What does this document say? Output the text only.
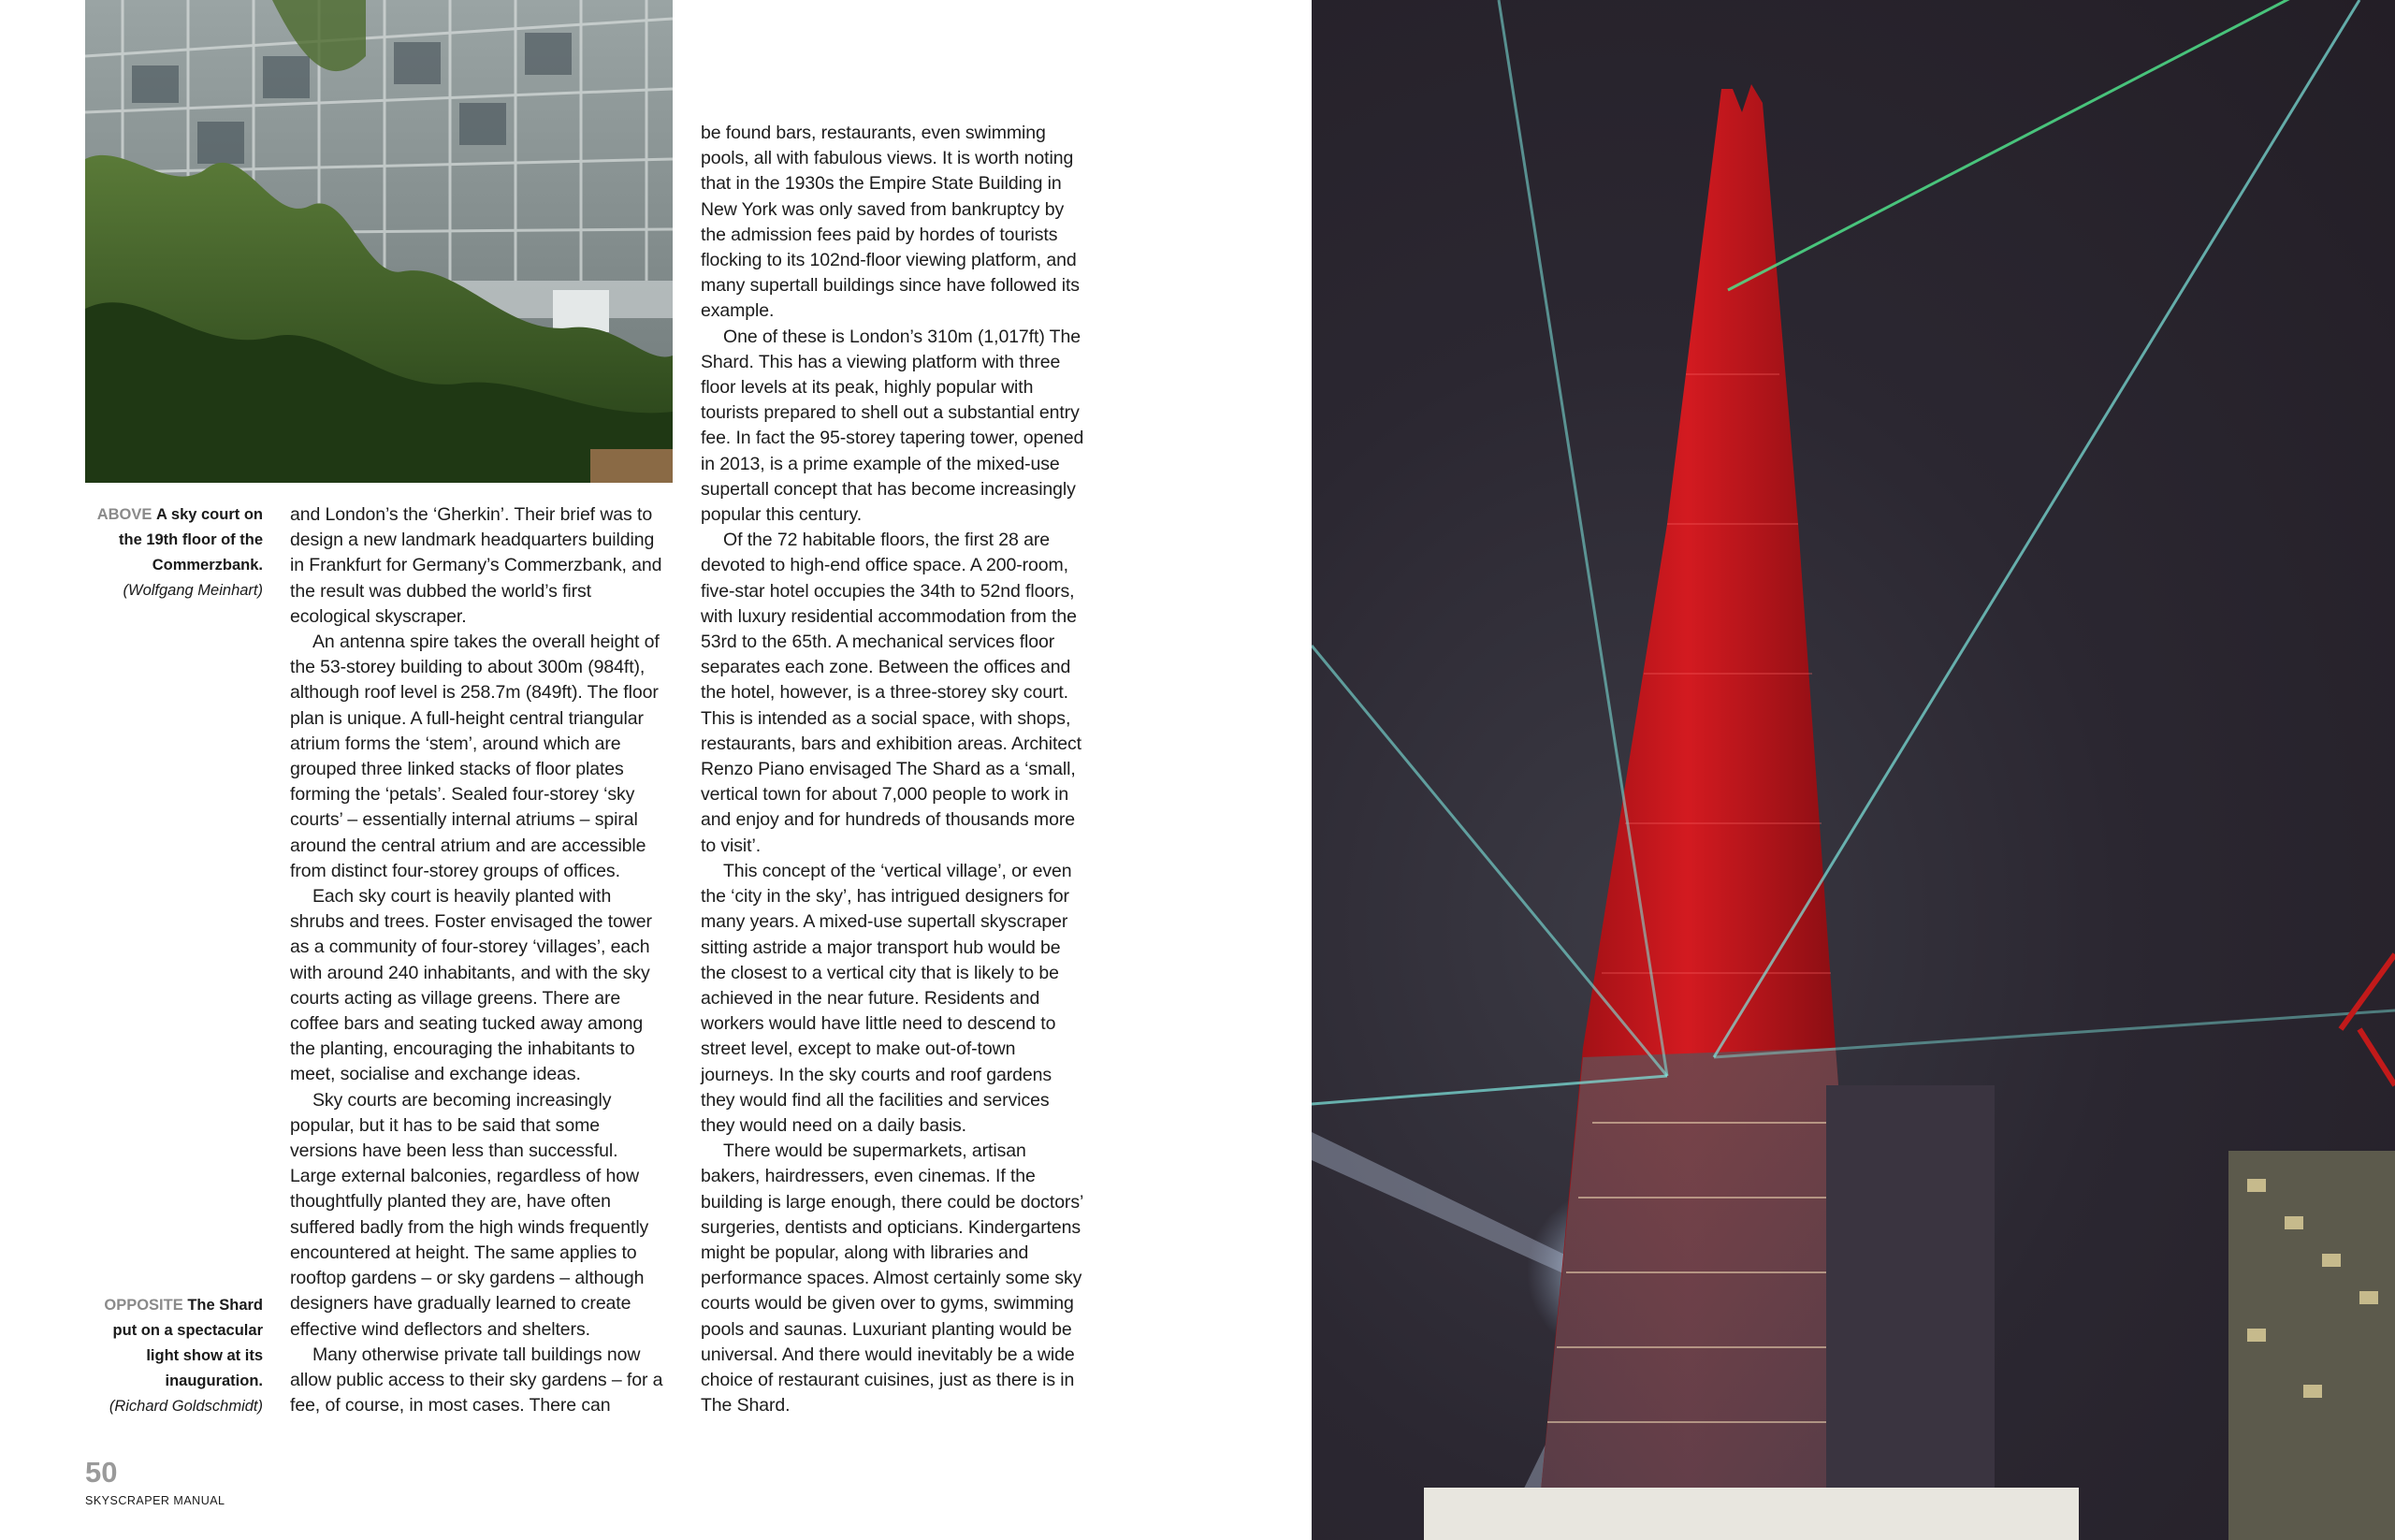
ABOVE A sky court on the 19th floor of the Commerzbank.
(Wolfgang Meinhart)

and London’s the ‘Gherkin’. Their brief was to design a new landmark headquarters building in Frankfurt for Germany’s Commerzbank, and the result was dubbed the world’s first ecological skyscraper.

An antenna spire takes the overall height of the 53-storey building to about 300m (984ft), although roof level is 258.7m (849ft). The floor plan is unique. A full-height central triangular atrium forms the ‘stem’, around which are grouped three linked stacks of floor plates forming the ‘petals’. Sealed four-storey ‘sky courts’ – essentially internal atriums – spiral around the central atrium and are accessible from distinct four-storey groups of offices.

Each sky court is heavily planted with shrubs and trees. Foster envisaged the tower as a community of four-storey ‘villages’, each with around 240 inhabitants, and with the sky courts acting as village greens. There are coffee bars and seating tucked away among the planting, encouraging the inhabitants to meet, socialise and exchange ideas.

Sky courts are becoming increasingly popular, but it has to be said that some versions have been less than successful. Large external balconies, regardless of how thoughtfully planted they are, have often suffered badly from the high winds frequently encountered at height. The same applies to rooftop gardens – or sky gardens – although designers have gradually learned to create effective wind deflectors and shelters.

Many otherwise private tall buildings now allow public access to their sky gardens – for a fee, of course, in most cases. There can

be found bars, restaurants, even swimming pools, all with fabulous views. It is worth noting that in the 1930s the Empire State Building in New York was only saved from bankruptcy by the admission fees paid by hordes of tourists flocking to its 102nd-floor viewing platform, and many supertall buildings since have followed its example.

One of these is London’s 310m (1,017ft) The Shard. This has a viewing platform with three floor levels at its peak, highly popular with tourists prepared to shell out a substantial entry fee. In fact the 95-storey tapering tower, opened in 2013, is a prime example of the mixed-use supertall concept that has become increasingly popular this century.

Of the 72 habitable floors, the first 28 are devoted to high-end office space. A 200-room, five-star hotel occupies the 34th to 52nd floors, with luxury residential accommodation from the 53rd to the 65th. A mechanical services floor separates each zone. Between the offices and the hotel, however, is a three-storey sky court. This is intended as a social space, with shops, restaurants, bars and exhibition areas. Architect Renzo Piano envisaged The Shard as a ‘small, vertical town for about 7,000 people to work in and enjoy and for hundreds of thousands more to visit’.

This concept of the ‘vertical village’, or even the ‘city in the sky’, has intrigued designers for many years. A mixed-use supertall skyscraper sitting astride a major transport hub would be the closest to a vertical city that is likely to be achieved in the near future. Residents and workers would have little need to descend to street level, except to make out-of-town journeys. In the sky courts and roof gardens they would find all the facilities and services they would need on a daily basis.

There would be supermarkets, artisan bakers, hairdressers, even cinemas. If the building is large enough, there could be doctors’ surgeries, dentists and opticians. Kindergartens might be popular, along with libraries and performance spaces. Almost certainly some sky courts would be given over to gyms, swimming pools and saunas. Luxuriant planting would be universal. And there would inevitably be a wide choice of restaurant cuisines, just as there is in The Shard.

OPPOSITE The Shard put on a spectacular light show at its inauguration.
(Richard Goldschmidt)
50
SKYSCRAPER MANUAL
